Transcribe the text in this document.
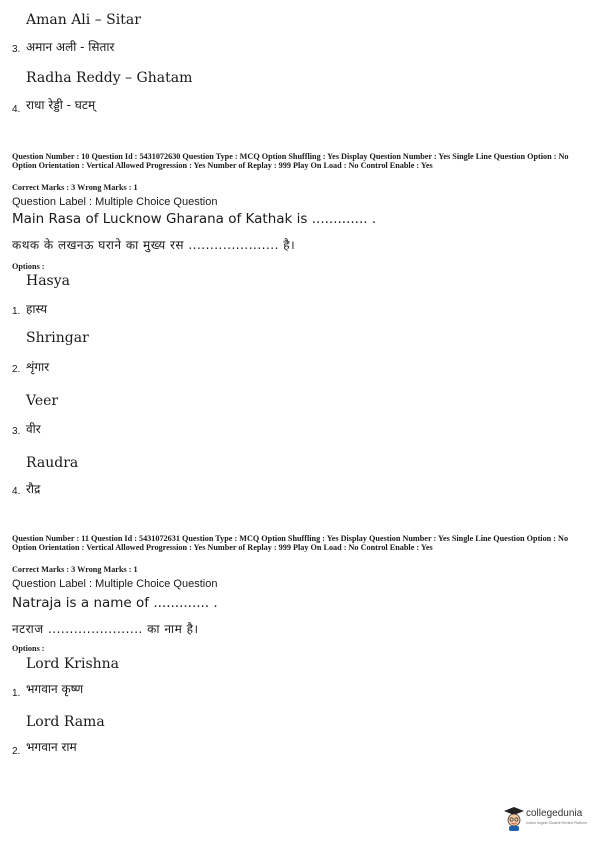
Aman Ali – Sitar
3. अमान अली - सितार
Radha Reddy – Ghatam
4. राधा रेड्डी - घटम्
Question Number : 10 Question Id : 5431072630 Question Type : MCQ Option Shuffling : Yes Display Question Number : Yes Single Line Question Option : No Option Orientation : Vertical Allowed Progression : Yes Number of Replay : 999 Play On Load : No Control Enable : Yes
Correct Marks : 3 Wrong Marks : 1
Question Label : Multiple Choice Question
Main Rasa of Lucknow Gharana of Kathak is ............. .
कथक के लखनऊ घराने का मुख्य रस ..................... है।
Options :
Hasya
1. हास्य
Shringar
2. शृंगार
Veer
3. वीर
Raudra
4. रौद्र
Question Number : 11 Question Id : 5431072631 Question Type : MCQ Option Shuffling : Yes Display Question Number : Yes Single Line Question Option : No Option Orientation : Vertical Allowed Progression : Yes Number of Replay : 999 Play On Load : No Control Enable : Yes
Correct Marks : 3 Wrong Marks : 1
Question Label : Multiple Choice Question
Natraja is a name of ............. .
नटराज ...................... का नाम है।
Options :
Lord Krishna
1. भगवान कृष्ण
Lord Rama
2. भगवान राम
collegedunia
India's largest Student Review Platform
